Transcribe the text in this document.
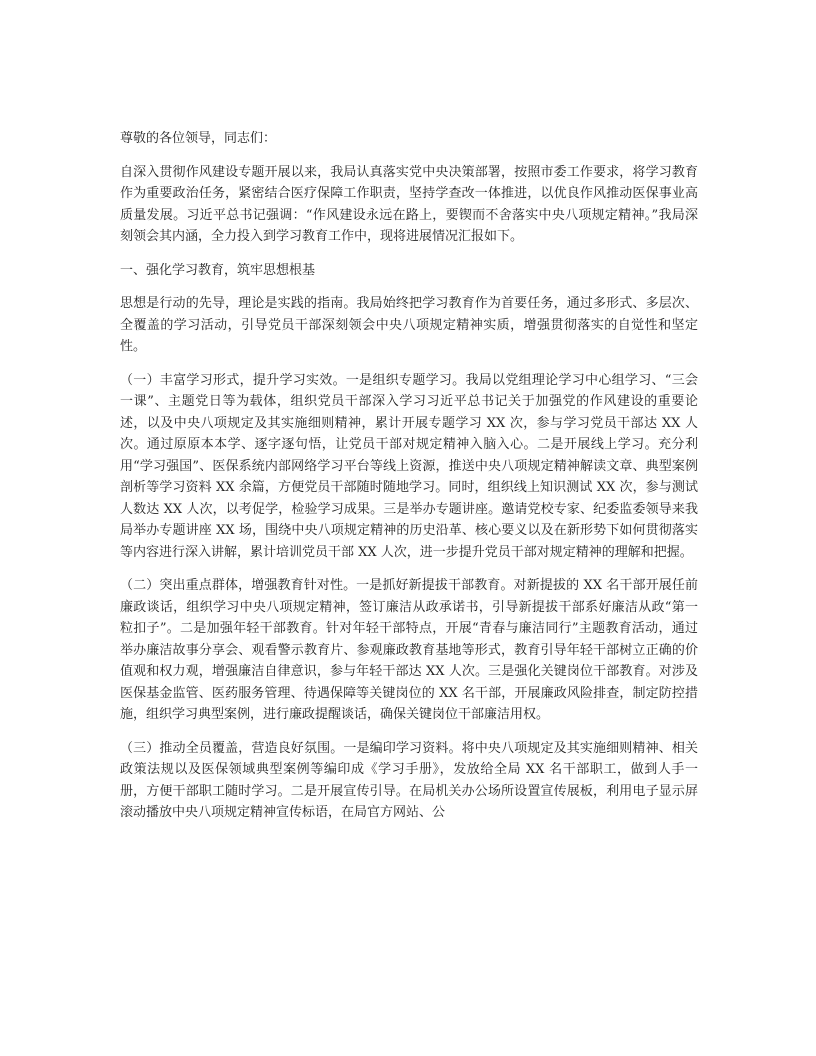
尊敬的各位领导，同志们：

自深入贯彻作风建设专题开展以来，我局认真落实党中央决策部署，按照市委工作要求，将学习教育作为重要政治任务，紧密结合医疗保障工作职责，坚持学查改一体推进，以优良作风推动医保事业高质量发展。习近平总书记强调：“作风建设永远在路上，要锲而不舍落实中央八项规定精神。”我局深刻领会其内涵，全力投入到学习教育工作中，现将进展情况汇报如下。

一、强化学习教育，筑牢思想根基

思想是行动的先导，理论是实践的指南。我局始终把学习教育作为首要任务，通过多形式、多层次、全覆盖的学习活动，引导党员干部深刻领会中央八项规定精神实质，增强贯彻落实的自觉性和坚定性。

（一）丰富学习形式，提升学习实效。一是组织专题学习。我局以党组理论学习中心组学习、“三会一课”、主题党日等为载体，组织党员干部深入学习习近平总书记关于加强党的作风建设的重要论述，以及中央八项规定及其实施细则精神，累计开展专题学习 XX 次，参与学习党员干部达 XX 人次。通过原原本本学、逐字逐句悟，让党员干部对规定精神入脑入心。二是开展线上学习。充分利用“学习强国”、医保系统内部网络学习平台等线上资源，推送中央八项规定精神解读文章、典型案例剖析等学习资料 XX 余篇，方便党员干部随时随地学习。同时，组织线上知识测试 XX 次，参与测试人数达 XX 人次，以考促学，检验学习成果。三是举办专题讲座。邀请党校专家、纪委监委领导来我局举办专题讲座 XX 场，围绕中央八项规定精神的历史沿革、核心要义以及在新形势下如何贯彻落实等内容进行深入讲解，累计培训党员干部 XX 人次，进一步提升党员干部对规定精神的理解和把握。

（二）突出重点群体，增强教育针对性。一是抓好新提拔干部教育。对新提拔的 XX 名干部开展任前廉政谈话，组织学习中央八项规定精神，签订廉洁从政承诺书，引导新提拔干部系好廉洁从政“第一粒扣子”。二是加强年轻干部教育。针对年轻干部特点，开展“青春与廉洁同行”主题教育活动，通过举办廉洁故事分享会、观看警示教育片、参观廉政教育基地等形式，教育引导年轻干部树立正确的价值观和权力观，增强廉洁自律意识，参与年轻干部达 XX 人次。三是强化关键岗位干部教育。对涉及医保基金监管、医药服务管理、待遇保障等关键岗位的 XX 名干部，开展廉政风险排查，制定防控措施，组织学习典型案例，进行廉政提醒谈话，确保关键岗位干部廉洁用权。

（三）推动全员覆盖，营造良好氛围。一是编印学习资料。将中央八项规定及其实施细则精神、相关政策法规以及医保领域典型案例等编印成《学习手册》，发放给全局 XX 名干部职工，做到人手一册，方便干部职工随时学习。二是开展宣传引导。在局机关办公场所设置宣传展板，利用电子显示屏滚动播放中央八项规定精神宣传标语，在局官方网站、公
